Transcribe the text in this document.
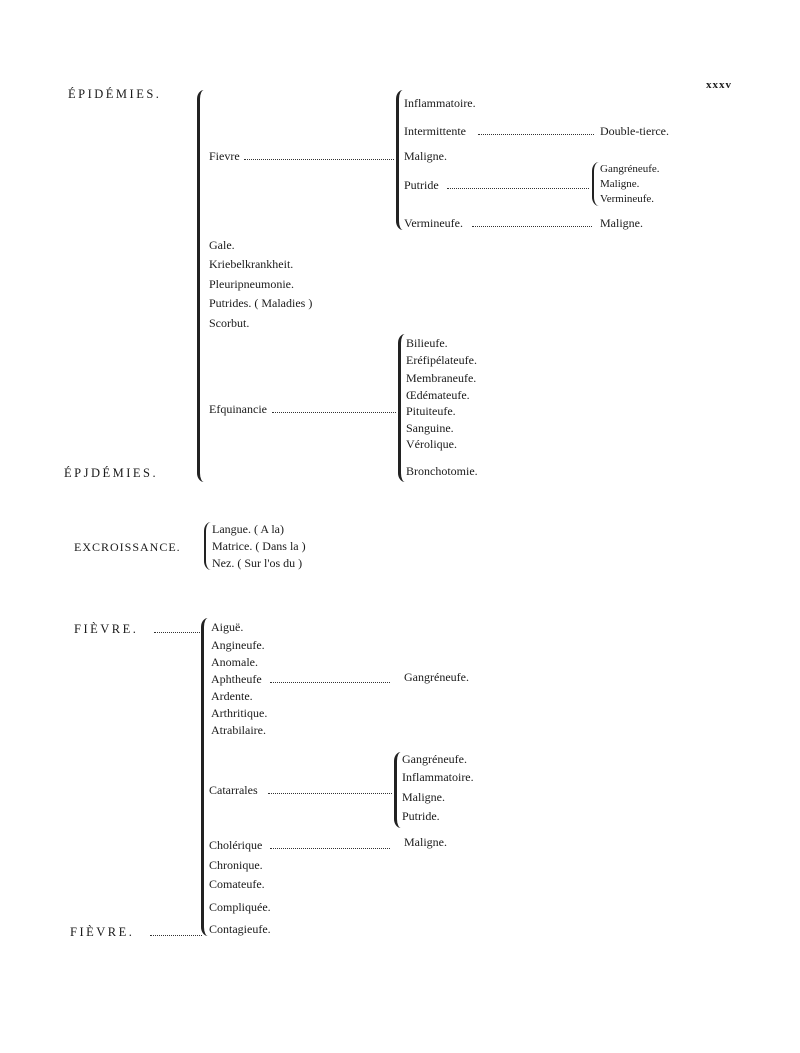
xxxv
ÉPIDÉMIES.
ÉPJDÉMIES.
Fievre
Inflammatoire.
Intermittente	Double-tierce.
Maligne.
Putride
Gangréneufe.
Maligne.
Vermineufe.
Vermineufe.	Maligne.
Gale.
Kriebelkrankheit.
Pleuripneumonie.
Putrides. ( Maladies )
Scorbut.
Efquinancie
Bilieufe.
Eréfipélateufe.
Membraneufe.
Œdémateufe.
Pituiteufe.
Sanguine.
Vérolique.
Bronchotomie.
EXCROISSANCE.
Langue. ( A la)
Matrice. ( Dans la )
Nez. ( Sur l'os du )
FIÈVRE.
FIÈVRE.
Aiguë.
Angineufe.
Anomale.
Aphtheufe	Gangréneufe.
Ardente.
Arthritique.
Atrabilaire.
Catarrales
Gangréneufe.
Inflammatoire.
Maligne.
Putride.
Cholérique	Maligne.
Chronique.
Comateufe.
Compliquée.
Contagieufe.
